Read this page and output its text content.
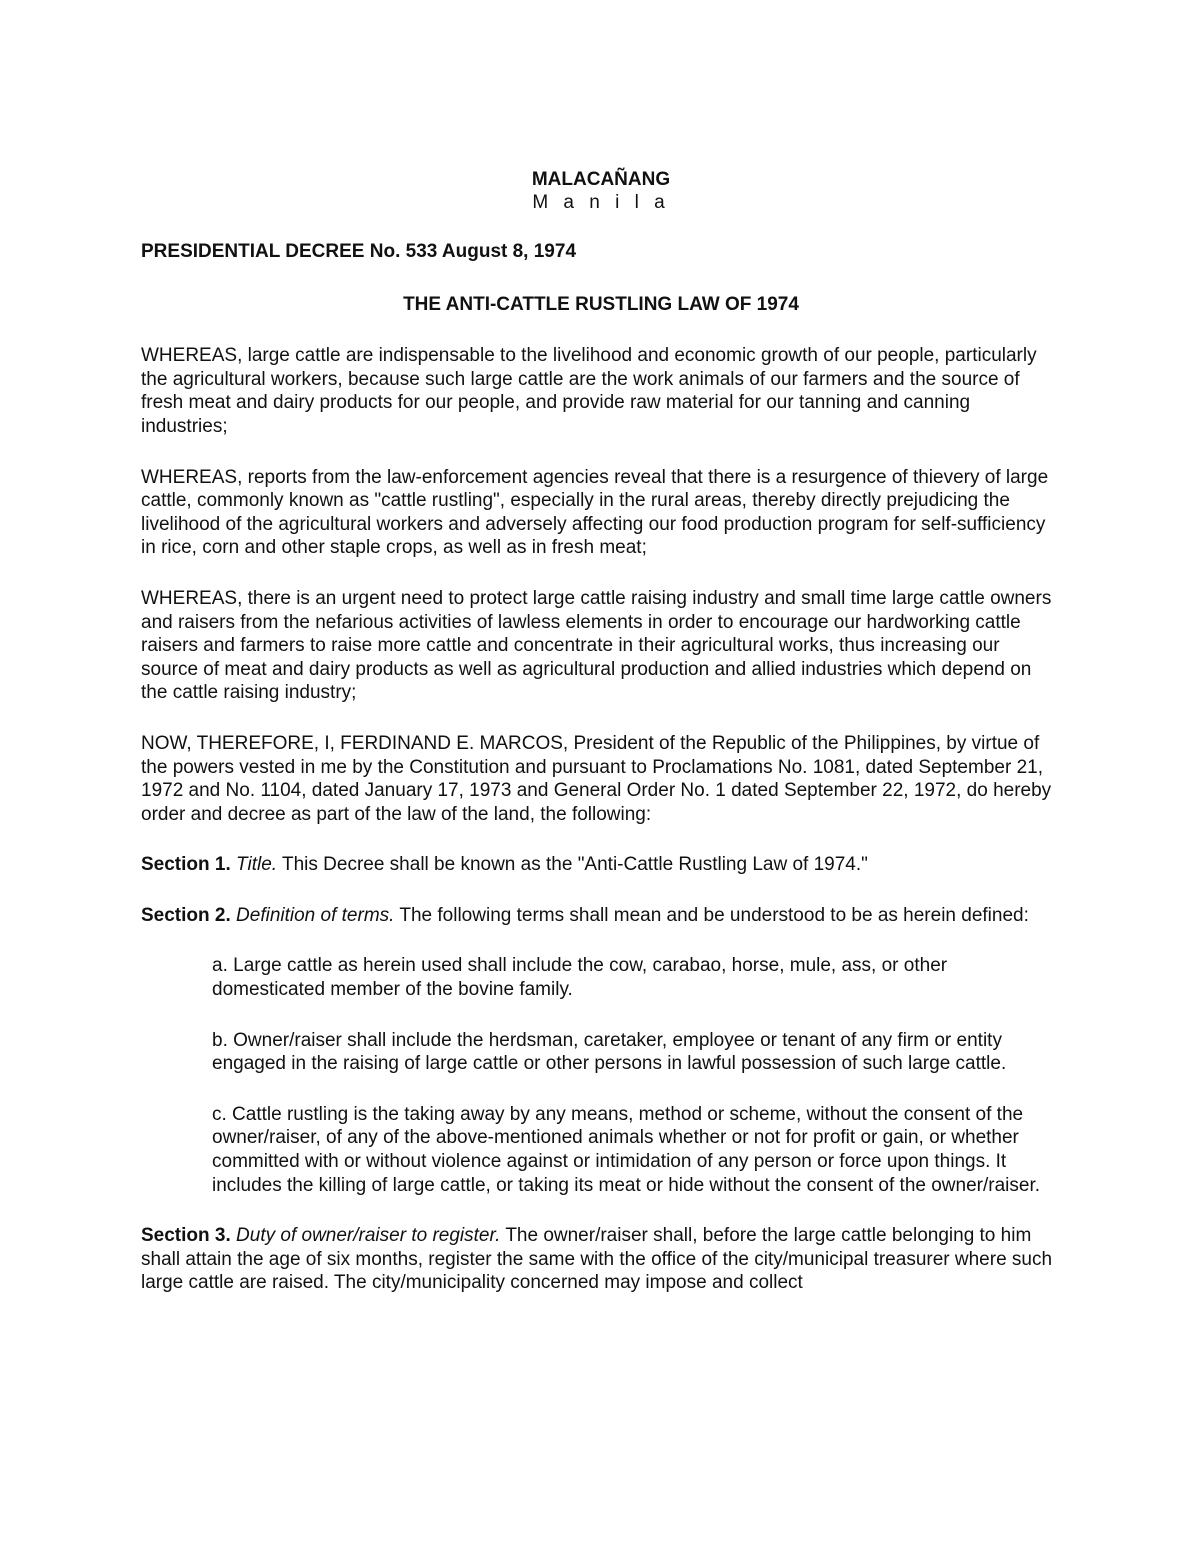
MALACAÑANG
M a n i l a
PRESIDENTIAL DECREE No. 533 August 8, 1974
THE ANTI-CATTLE RUSTLING LAW OF 1974

WHEREAS, large cattle are indispensable to the livelihood and economic growth of our people, particularly the agricultural workers, because such large cattle are the work animals of our farmers and the source of fresh meat and dairy products for our people, and provide raw material for our tanning and canning industries;

WHEREAS, reports from the law-enforcement agencies reveal that there is a resurgence of thievery of large cattle, commonly known as "cattle rustling", especially in the rural areas, thereby directly prejudicing the livelihood of the agricultural workers and adversely affecting our food production program for self-sufficiency in rice, corn and other staple crops, as well as in fresh meat;

WHEREAS, there is an urgent need to protect large cattle raising industry and small time large cattle owners and raisers from the nefarious activities of lawless elements in order to encourage our hardworking cattle raisers and farmers to raise more cattle and concentrate in their agricultural works, thus increasing our source of meat and dairy products as well as agricultural production and allied industries which depend on the cattle raising industry;

NOW, THEREFORE, I, FERDINAND E. MARCOS, President of the Republic of the Philippines, by virtue of the powers vested in me by the Constitution and pursuant to Proclamations No. 1081, dated September 21, 1972 and No. 1104, dated January 17, 1973 and General Order No. 1 dated September 22, 1972, do hereby order and decree as part of the law of the land, the following:

Section 1. Title. This Decree shall be known as the "Anti-Cattle Rustling Law of 1974."

Section 2. Definition of terms. The following terms shall mean and be understood to be as herein defined:

a. Large cattle as herein used shall include the cow, carabao, horse, mule, ass, or other domesticated member of the bovine family.

b. Owner/raiser shall include the herdsman, caretaker, employee or tenant of any firm or entity engaged in the raising of large cattle or other persons in lawful possession of such large cattle.

c. Cattle rustling is the taking away by any means, method or scheme, without the consent of the owner/raiser, of any of the above-mentioned animals whether or not for profit or gain, or whether committed with or without violence against or intimidation of any person or force upon things. It includes the killing of large cattle, or taking its meat or hide without the consent of the owner/raiser.

Section 3. Duty of owner/raiser to register. The owner/raiser shall, before the large cattle belonging to him shall attain the age of six months, register the same with the office of the city/municipal treasurer where such large cattle are raised. The city/municipality concerned may impose and collect
